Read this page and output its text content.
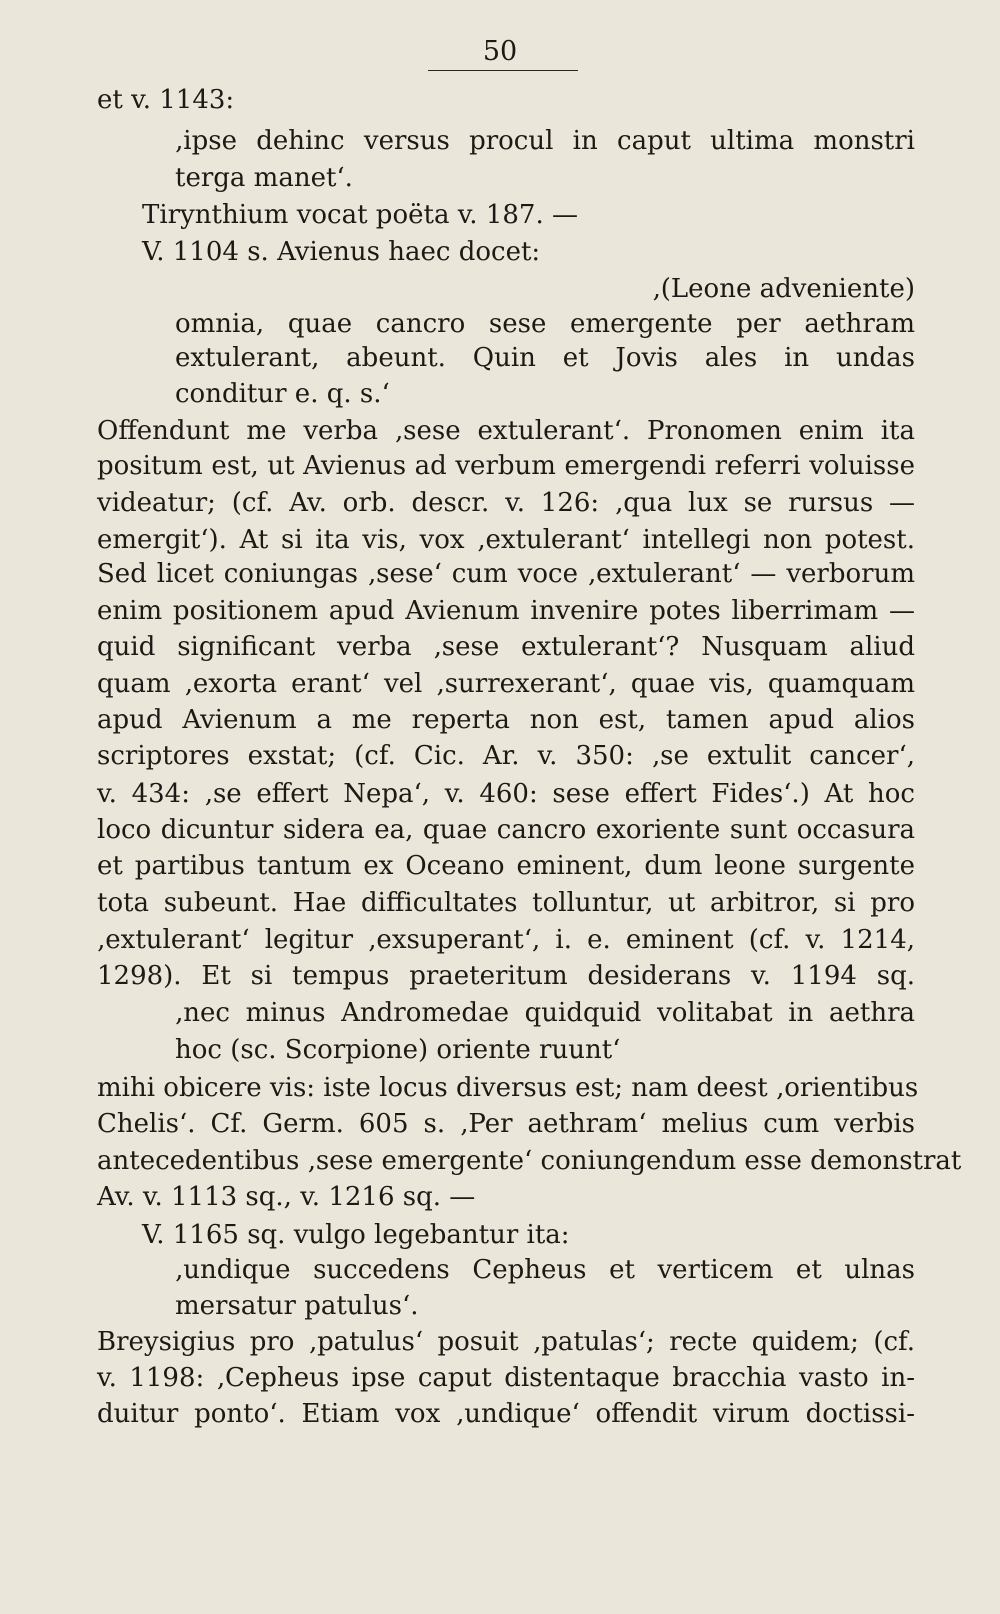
50
et v. 1143:
‚ipse dehinc versus procul in caput ultima monstri
terga manet‘.
Tirynthium vocat poëta v. 187. —
V. 1104 s. Avienus haec docet:
‚(Leone adveniente)
omnia, quae cancro sese emergente per aethram
extulerant, abeunt. Quin et Jovis ales in undas
conditur e. q. s.‘
Offendunt me verba ‚sese extulerant‘. Pronomen enim ita
positum est, ut Avienus ad verbum emergendi referri voluisse
videatur; (cf. Av. orb. descr. v. 126: ‚qua lux se rursus —
emergit‘). At si ita vis, vox ‚extulerant‘ intellegi non potest.
Sed licet coniungas ‚sese‘ cum voce ‚extulerant‘ — verborum
enim positionem apud Avienum invenire potes liberrimam —
quid significant verba ‚sese extulerant‘? Nusquam aliud
quam ‚exorta erant‘ vel ‚surrexerant‘, quae vis, quamquam
apud Avienum a me reperta non est, tamen apud alios
scriptores exstat; (cf. Cic. Ar. v. 350: ‚se extulit cancer‘,
v. 434: ‚se effert Nepa‘, v. 460: sese effert Fides‘.) At hoc
loco dicuntur sidera ea, quae cancro exoriente sunt occasura
et partibus tantum ex Oceano eminent, dum leone surgente
tota subeunt. Hae difficultates tolluntur, ut arbitror, si pro
‚extulerant‘ legitur ‚exsuperant‘, i. e. eminent (cf. v. 1214,
1298). Et si tempus praeteritum desiderans v. 1194 sq.
‚nec minus Andromedae quidquid volitabat in aethra
hoc (sc. Scorpione) oriente ruunt‘
mihi obicere vis: iste locus diversus est; nam deest ‚orientibus
Chelis‘. Cf. Germ. 605 s. ‚Per aethram‘ melius cum verbis
antecedentibus ‚sese emergente‘ coniungendum esse demonstrat
Av. v. 1113 sq., v. 1216 sq. —
V. 1165 sq. vulgo legebantur ita:
‚undique succedens Cepheus et verticem et ulnas
mersatur patulus‘.
Breysigius pro ‚patulus‘ posuit ‚patulas‘; recte quidem; (cf.
v. 1198: ‚Cepheus ipse caput distentaque bracchia vasto in-
duitur ponto‘. Etiam vox ‚undique‘ offendit virum doctissi-
